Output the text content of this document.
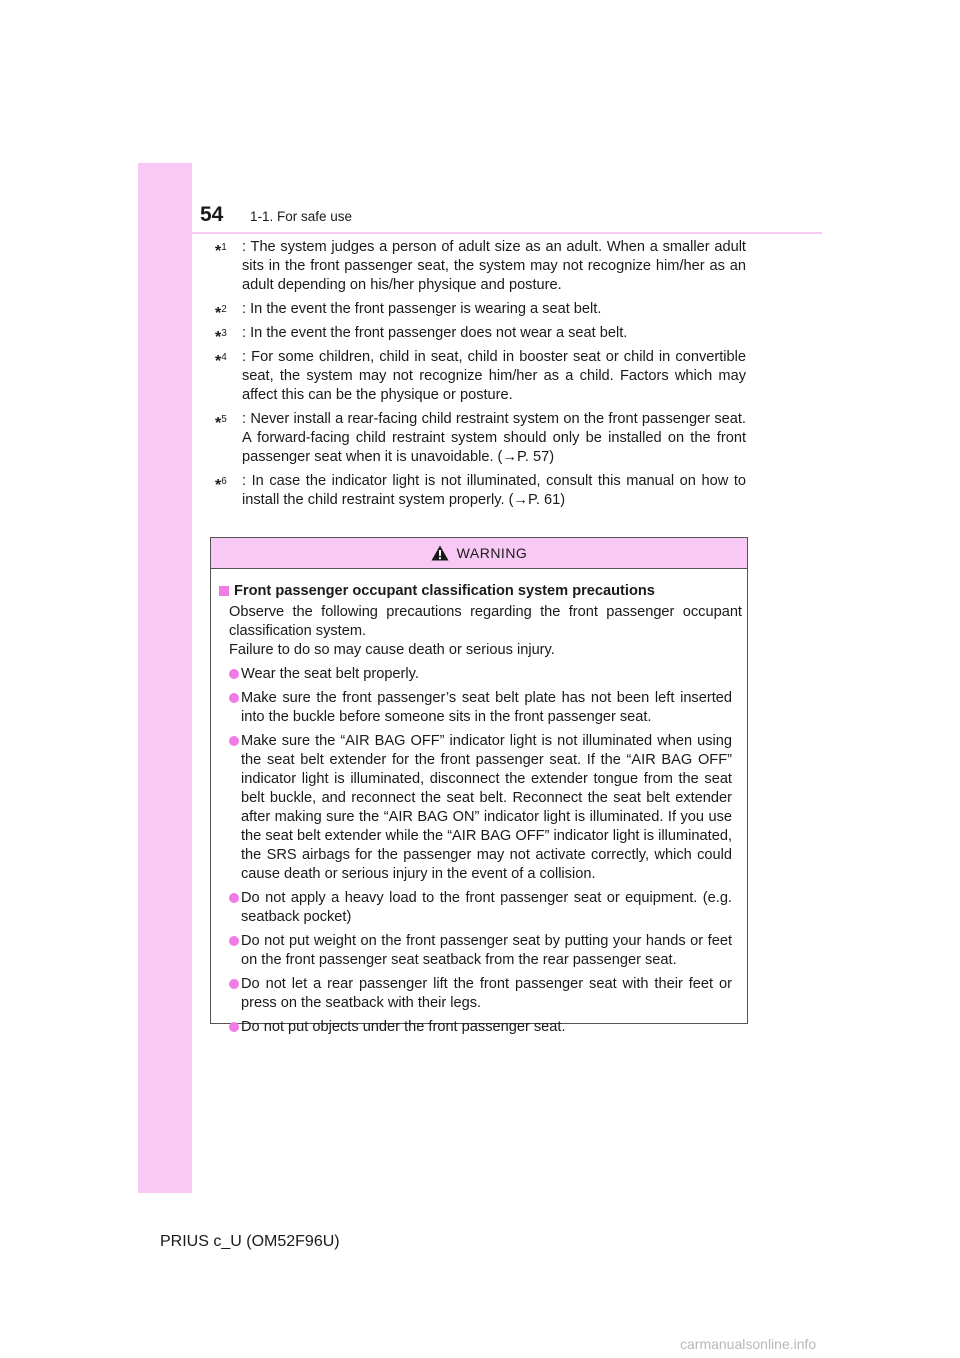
54 1-1. For safe use
*$^1$	: The system judges a person of adult size as an adult. When a smaller adult sits in the front passenger seat, the system may not recognize him/her as an adult depending on his/her physique and posture.
*$^2$	: In the event the front passenger is wearing a seat belt.
*$^3$	: In the event the front passenger does not wear a seat belt.
*$^4$	: For some children, child in seat, child in booster seat or child in convertible seat, the system may not recognize him/her as a child. Factors which may affect this can be the physique or posture.
*$^5$	: Never install a rear-facing child restraint system on the front passenger seat. A forward-facing child restraint system should only be installed on the front passenger seat when it is unavoidable. (→P. 57)
*$^6$	: In case the indicator light is not illuminated, consult this manual on how to install the child restraint system properly. (→P. 61)
WARNING
Front passenger occupant classification system precautions
Observe the following precautions regarding the front passenger occupant classification system.
Failure to do so may cause death or serious injury.
Wear the seat belt properly.
Make sure the front passenger’s seat belt plate has not been left inserted into the buckle before someone sits in the front passenger seat.
Make sure the “AIR BAG OFF” indicator light is not illuminated when using the seat belt extender for the front passenger seat. If the “AIR BAG OFF” indicator light is illuminated, disconnect the extender tongue from the seat belt buckle, and reconnect the seat belt. Reconnect the seat belt extender after making sure the “AIR BAG ON” indicator light is illuminated. If you use the seat belt extender while the “AIR BAG OFF” indicator light is illuminated, the SRS airbags for the passenger may not activate correctly, which could cause death or serious injury in the event of a collision.
Do not apply a heavy load to the front passenger seat or equipment. (e.g. seatback pocket)
Do not put weight on the front passenger seat by putting your hands or feet on the front passenger seat seatback from the rear passenger seat.
Do not let a rear passenger lift the front passenger seat with their feet or press on the seatback with their legs.
Do not put objects under the front passenger seat.
PRIUS c_U (OM52F96U)
carmanualsonline.info
